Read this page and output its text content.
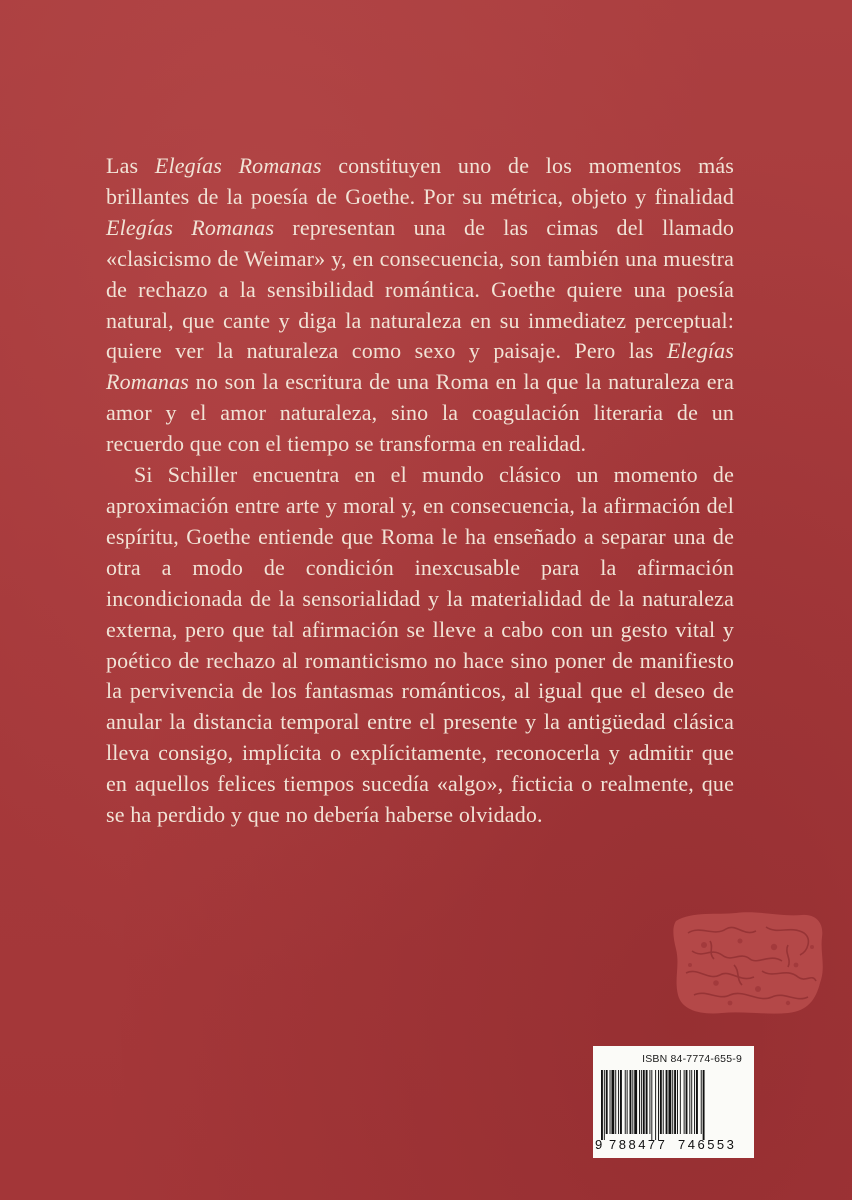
Las Elegías Romanas constituyen uno de los momentos más brillantes de la poesía de Goethe. Por su métrica, objeto y finalidad Elegías Romanas representan una de las cimas del llamado «clasicismo de Weimar» y, en consecuencia, son también una muestra de rechazo a la sensibilidad romántica. Goethe quiere una poesía natural, que cante y diga la naturaleza en su inmediatez perceptual: quiere ver la naturaleza como sexo y paisaje. Pero las Elegías Romanas no son la escritura de una Roma en la que la naturaleza era amor y el amor naturaleza, sino la coagulación literaria de un recuerdo que con el tiempo se transforma en realidad.

Si Schiller encuentra en el mundo clásico un momento de aproximación entre arte y moral y, en consecuencia, la afirmación del espíritu, Goethe entiende que Roma le ha enseñado a separar una de otra a modo de condición inexcusable para la afirmación incondicionada de la sensorialidad y la materialidad de la naturaleza externa, pero que tal afirmación se lleve a cabo con un gesto vital y poético de rechazo al romanticismo no hace sino poner de manifiesto la pervivencia de los fantasmas románticos, al igual que el deseo de anular la distancia temporal entre el presente y la antigüedad clásica lleva consigo, implícita o explícitamente, reconocerla y admitir que en aquellos felices tiempos sucedía «algo», ficticia o realmente, que se ha perdido y que no debería haberse olvidado.

ISBN 84-7774-655-9
9 788477 746553
